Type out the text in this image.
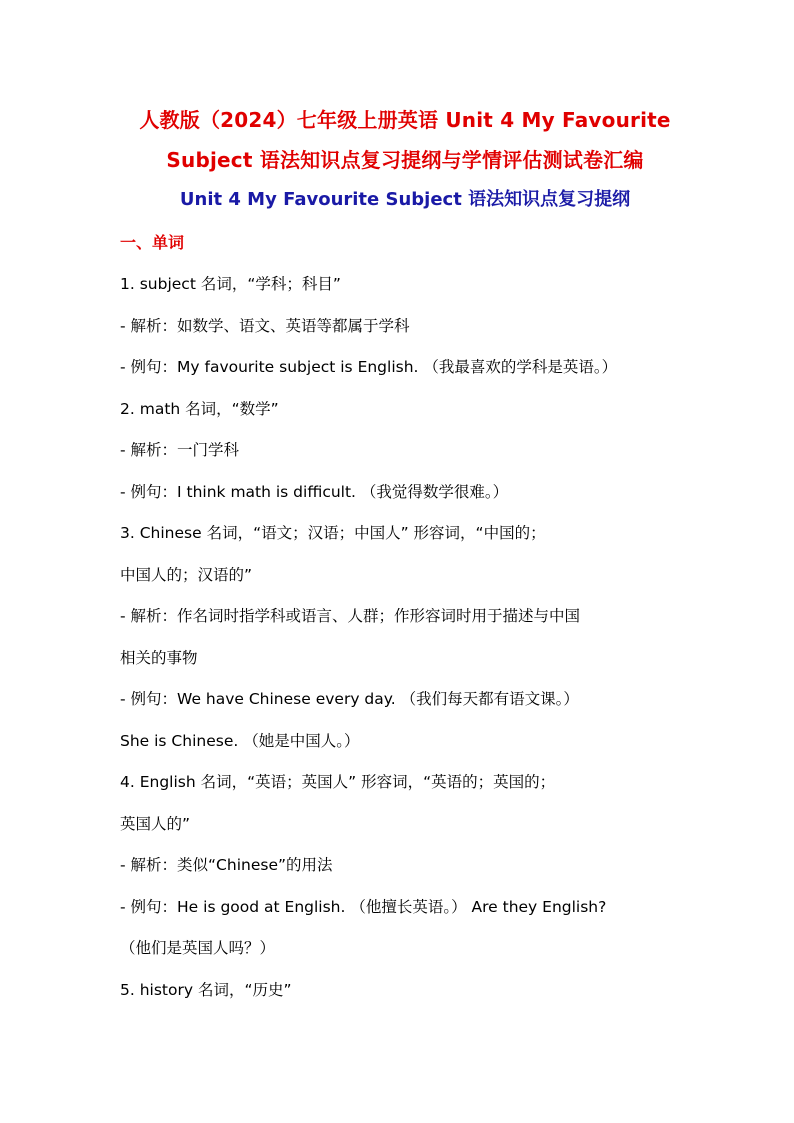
人教版（2024）七年级上册英语 Unit 4 My Favourite
Subject 语法知识点复习提纲与学情评估测试卷汇编
Unit 4 My Favourite Subject 语法知识点复习提纲
一、单词

1. subject 名词，“学科；科目”

- 解析：如数学、语文、英语等都属于学科

- 例句：My favourite subject is English. （我最喜欢的学科是英语。）

2. math 名词，“数学”

- 解析：一门学科

- 例句：I think math is difficult. （我觉得数学很难。）

3. Chinese 名词，“语文；汉语；中国人” 形容词，“中国的；

中国人的；汉语的”

- 解析：作名词时指学科或语言、人群；作形容词时用于描述与中国

相关的事物

- 例句：We have Chinese every day. （我们每天都有语文课。）

She is Chinese. （她是中国人。）

4. English 名词，“英语；英国人” 形容词，“英语的；英国的；

英国人的”

- 解析：类似“Chinese”的用法

- 例句：He is good at English. （他擅长英语。） Are they English?

（他们是英国人吗？）

5. history 名词，“历史”
